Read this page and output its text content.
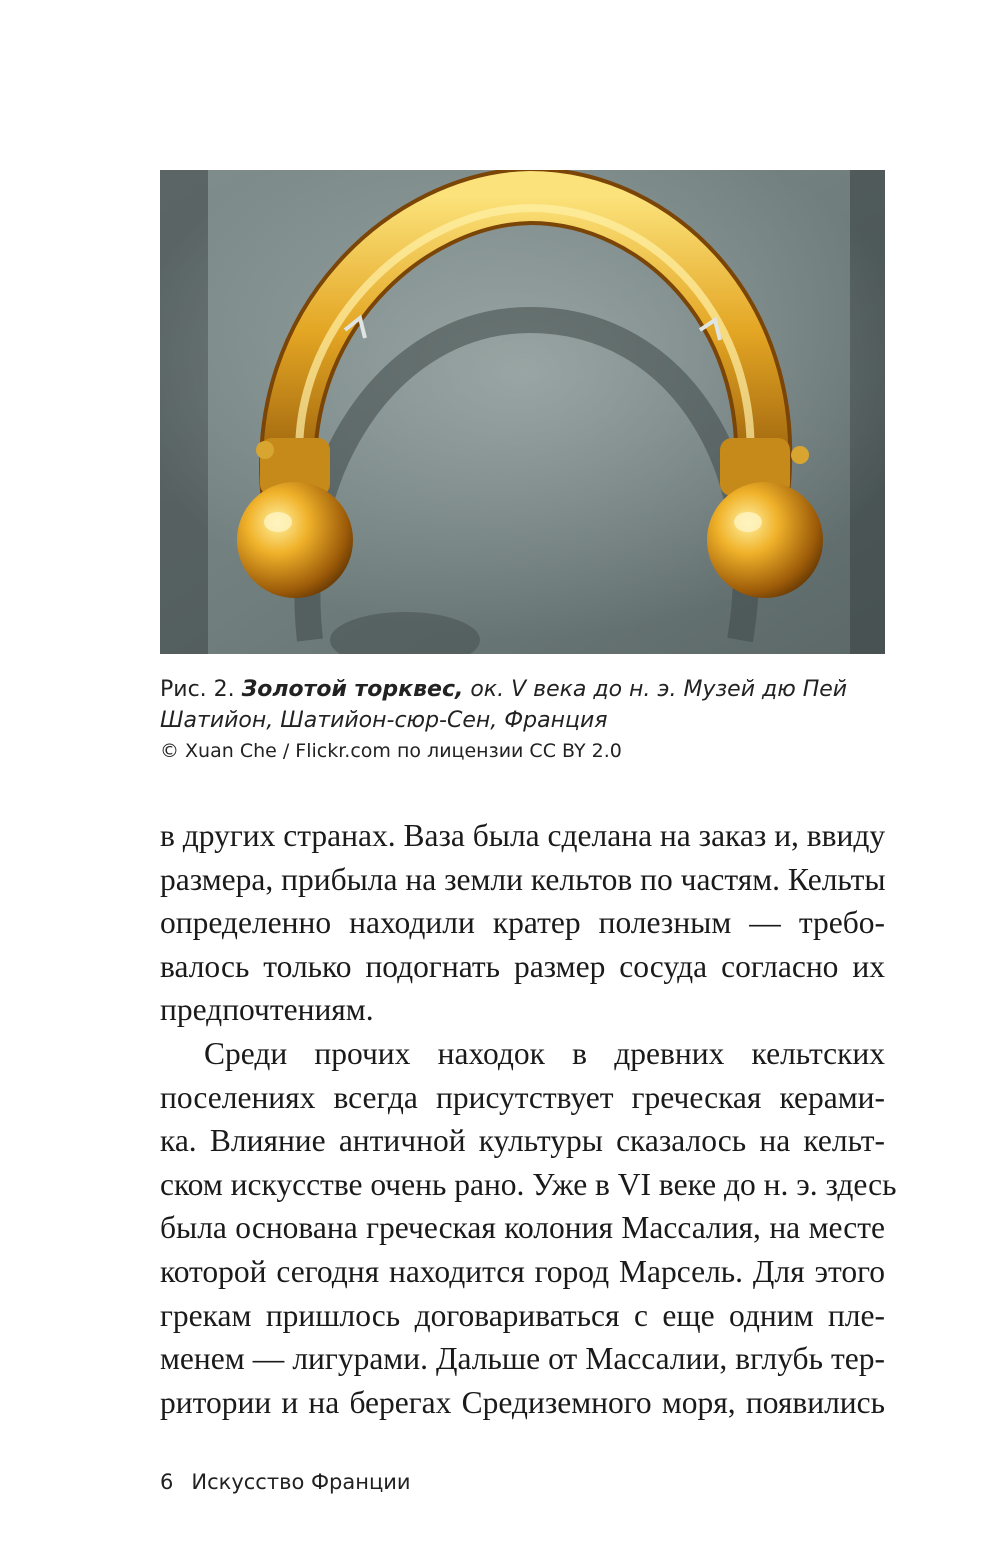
Рис. 2. Золотой торквес, ок. V века до н. э. Музей дю Пей
Шатийон, Шатийон-сюр-Сен, Франция
© Xuan Che / Flickr.com по лицензии CC BY 2.0
в других странах. Ваза была сделана на заказ и, ввиду
размера, прибыла на земли кельтов по частям. Кельты
определенно находили кратер полезным — требо-
валось только подогнать размер сосуда согласно их
предпочтениям.
Среди прочих находок в древних кельтских
поселениях всегда присутствует греческая керами-
ка. Влияние античной культуры сказалось на кельт-
ском искусстве очень рано. Уже в VI веке до н. э. здесь
была основана греческая колония Массалия, на месте
которой сегодня находится город Марсель. Для этого
грекам пришлось договариваться с еще одним пле-
менем — лигурами. Дальше от Массалии, вглубь тер-
ритории и на берегах Средиземного моря, появились
6 Искусство Франции
